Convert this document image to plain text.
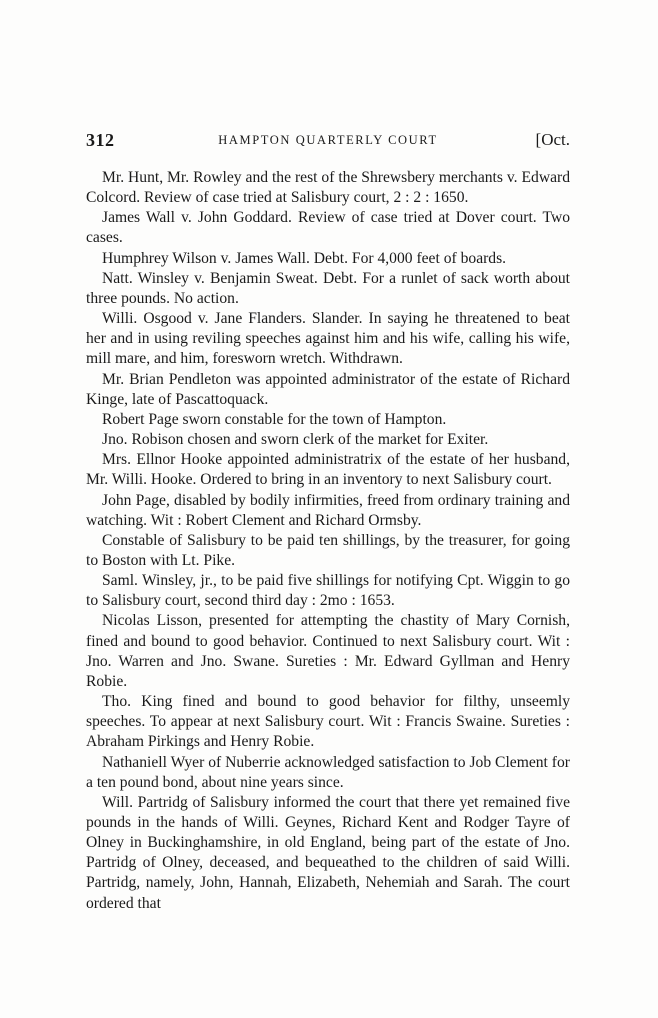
312	HAMPTON QUARTERLY COURT	[Oct.

Mr. Hunt, Mr. Rowley and the rest of the Shrewsbery merchants v. Edward Colcord. Review of case tried at Salisbury court, 2 : 2 : 1650.

James Wall v. John Goddard. Review of case tried at Dover court. Two cases.

Humphrey Wilson v. James Wall. Debt. For 4,000 feet of boards.

Natt. Winsley v. Benjamin Sweat. Debt. For a runlet of sack worth about three pounds. No action.

Willi. Osgood v. Jane Flanders. Slander. In saying he threatened to beat her and in using reviling speeches against him and his wife, calling his wife, mill mare, and him, foresworn wretch. Withdrawn.

Mr. Brian Pendleton was appointed administrator of the estate of Richard Kinge, late of Pascattoquack.

Robert Page sworn constable for the town of Hampton.

Jno. Robison chosen and sworn clerk of the market for Exiter.

Mrs. Ellnor Hooke appointed administratrix of the estate of her husband, Mr. Willi. Hooke. Ordered to bring in an inventory to next Salisbury court.

John Page, disabled by bodily infirmities, freed from ordinary training and watching. Wit : Robert Clement and Richard Ormsby.

Constable of Salisbury to be paid ten shillings, by the treasurer, for going to Boston with Lt. Pike.

Saml. Winsley, jr., to be paid five shillings for notifying Cpt. Wiggin to go to Salisbury court, second third day : 2mo : 1653.

Nicolas Lisson, presented for attempting the chastity of Mary Cornish, fined and bound to good behavior. Continued to next Salisbury court. Wit : Jno. Warren and Jno. Swane. Sureties : Mr. Edward Gyllman and Henry Robie.

Tho. King fined and bound to good behavior for filthy, unseemly speeches. To appear at next Salisbury court. Wit : Francis Swaine. Sureties : Abraham Pirkings and Henry Robie.

Nathaniell Wyer of Nuberrie acknowledged satisfaction to Job Clement for a ten pound bond, about nine years since.

Will. Partridg of Salisbury informed the court that there yet remained five pounds in the hands of Willi. Geynes, Richard Kent and Rodger Tayre of Olney in Buckinghamshire, in old England, being part of the estate of Jno. Partridg of Olney, deceased, and bequeathed to the children of said Willi. Partridg, namely, John, Hannah, Elizabeth, Nehemiah and Sarah. The court ordered that
